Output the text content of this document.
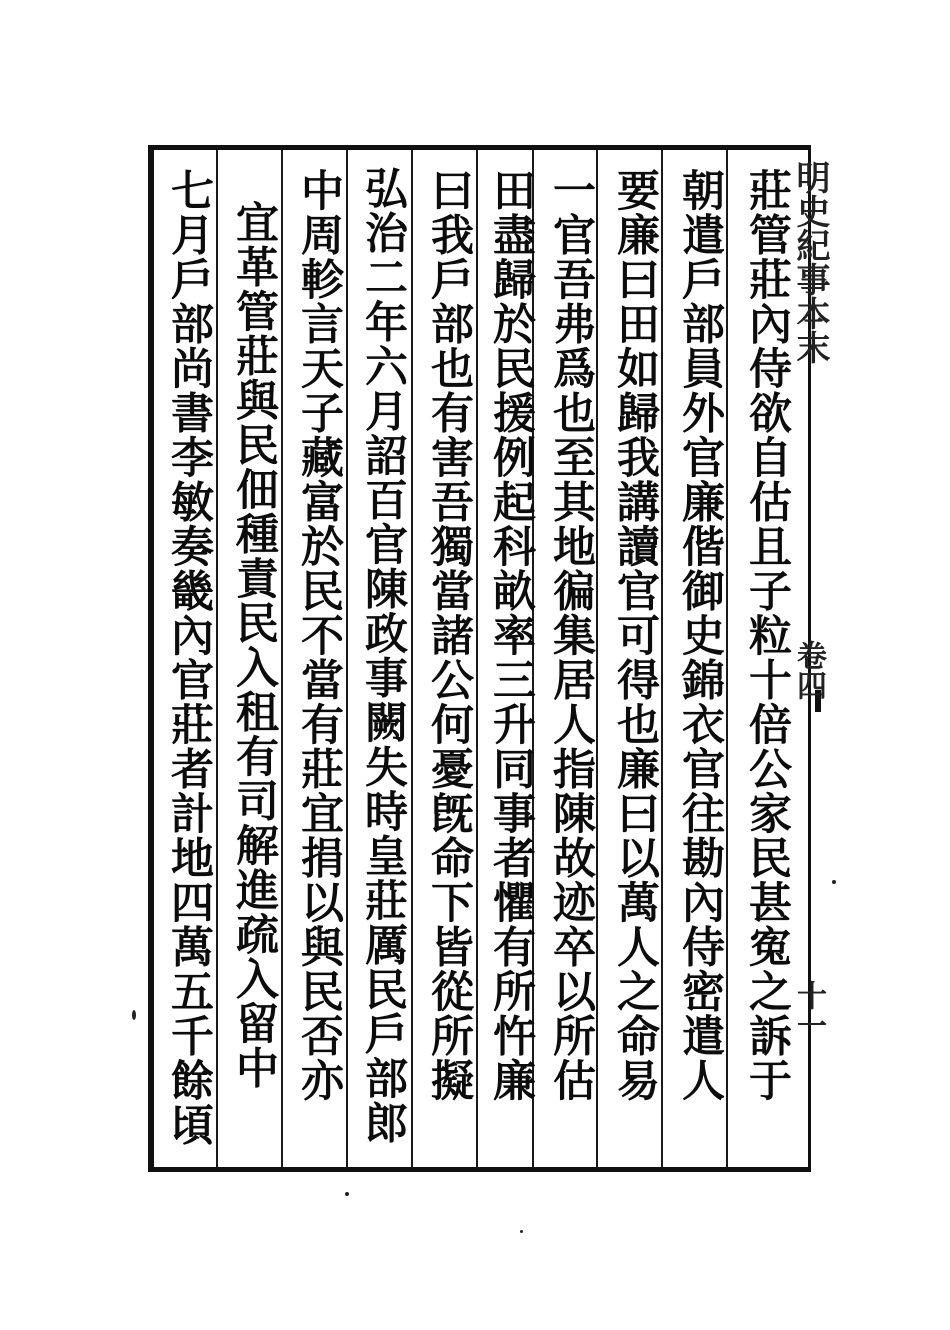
莊管莊內侍欲自估且子粒十倍公家民甚寃之訴于
朝遣戶部員外官廉偕御史錦衣官往勘內侍密遣人
要廉曰田如歸我講讀官可得也廉曰以萬人之命易
一官吾弗爲也至其地徧集居人指陳故迹卒以所估
田盡歸於民援例起科畝率三升同事者懼有所忤廉
曰我戶部也有害吾獨當諸公何憂旣命下皆從所擬
弘治二年六月詔百官陳政事闕失時皇莊厲民戶部郎
中周軫言天子藏富於民不當有莊宜捐以與民否亦
宜革管莊與民佃種責民入租有司解進疏入留中
七月戶部尚書李敏奏畿內官莊者計地四萬五千餘頃	明史紀事本末
卷四
十一
